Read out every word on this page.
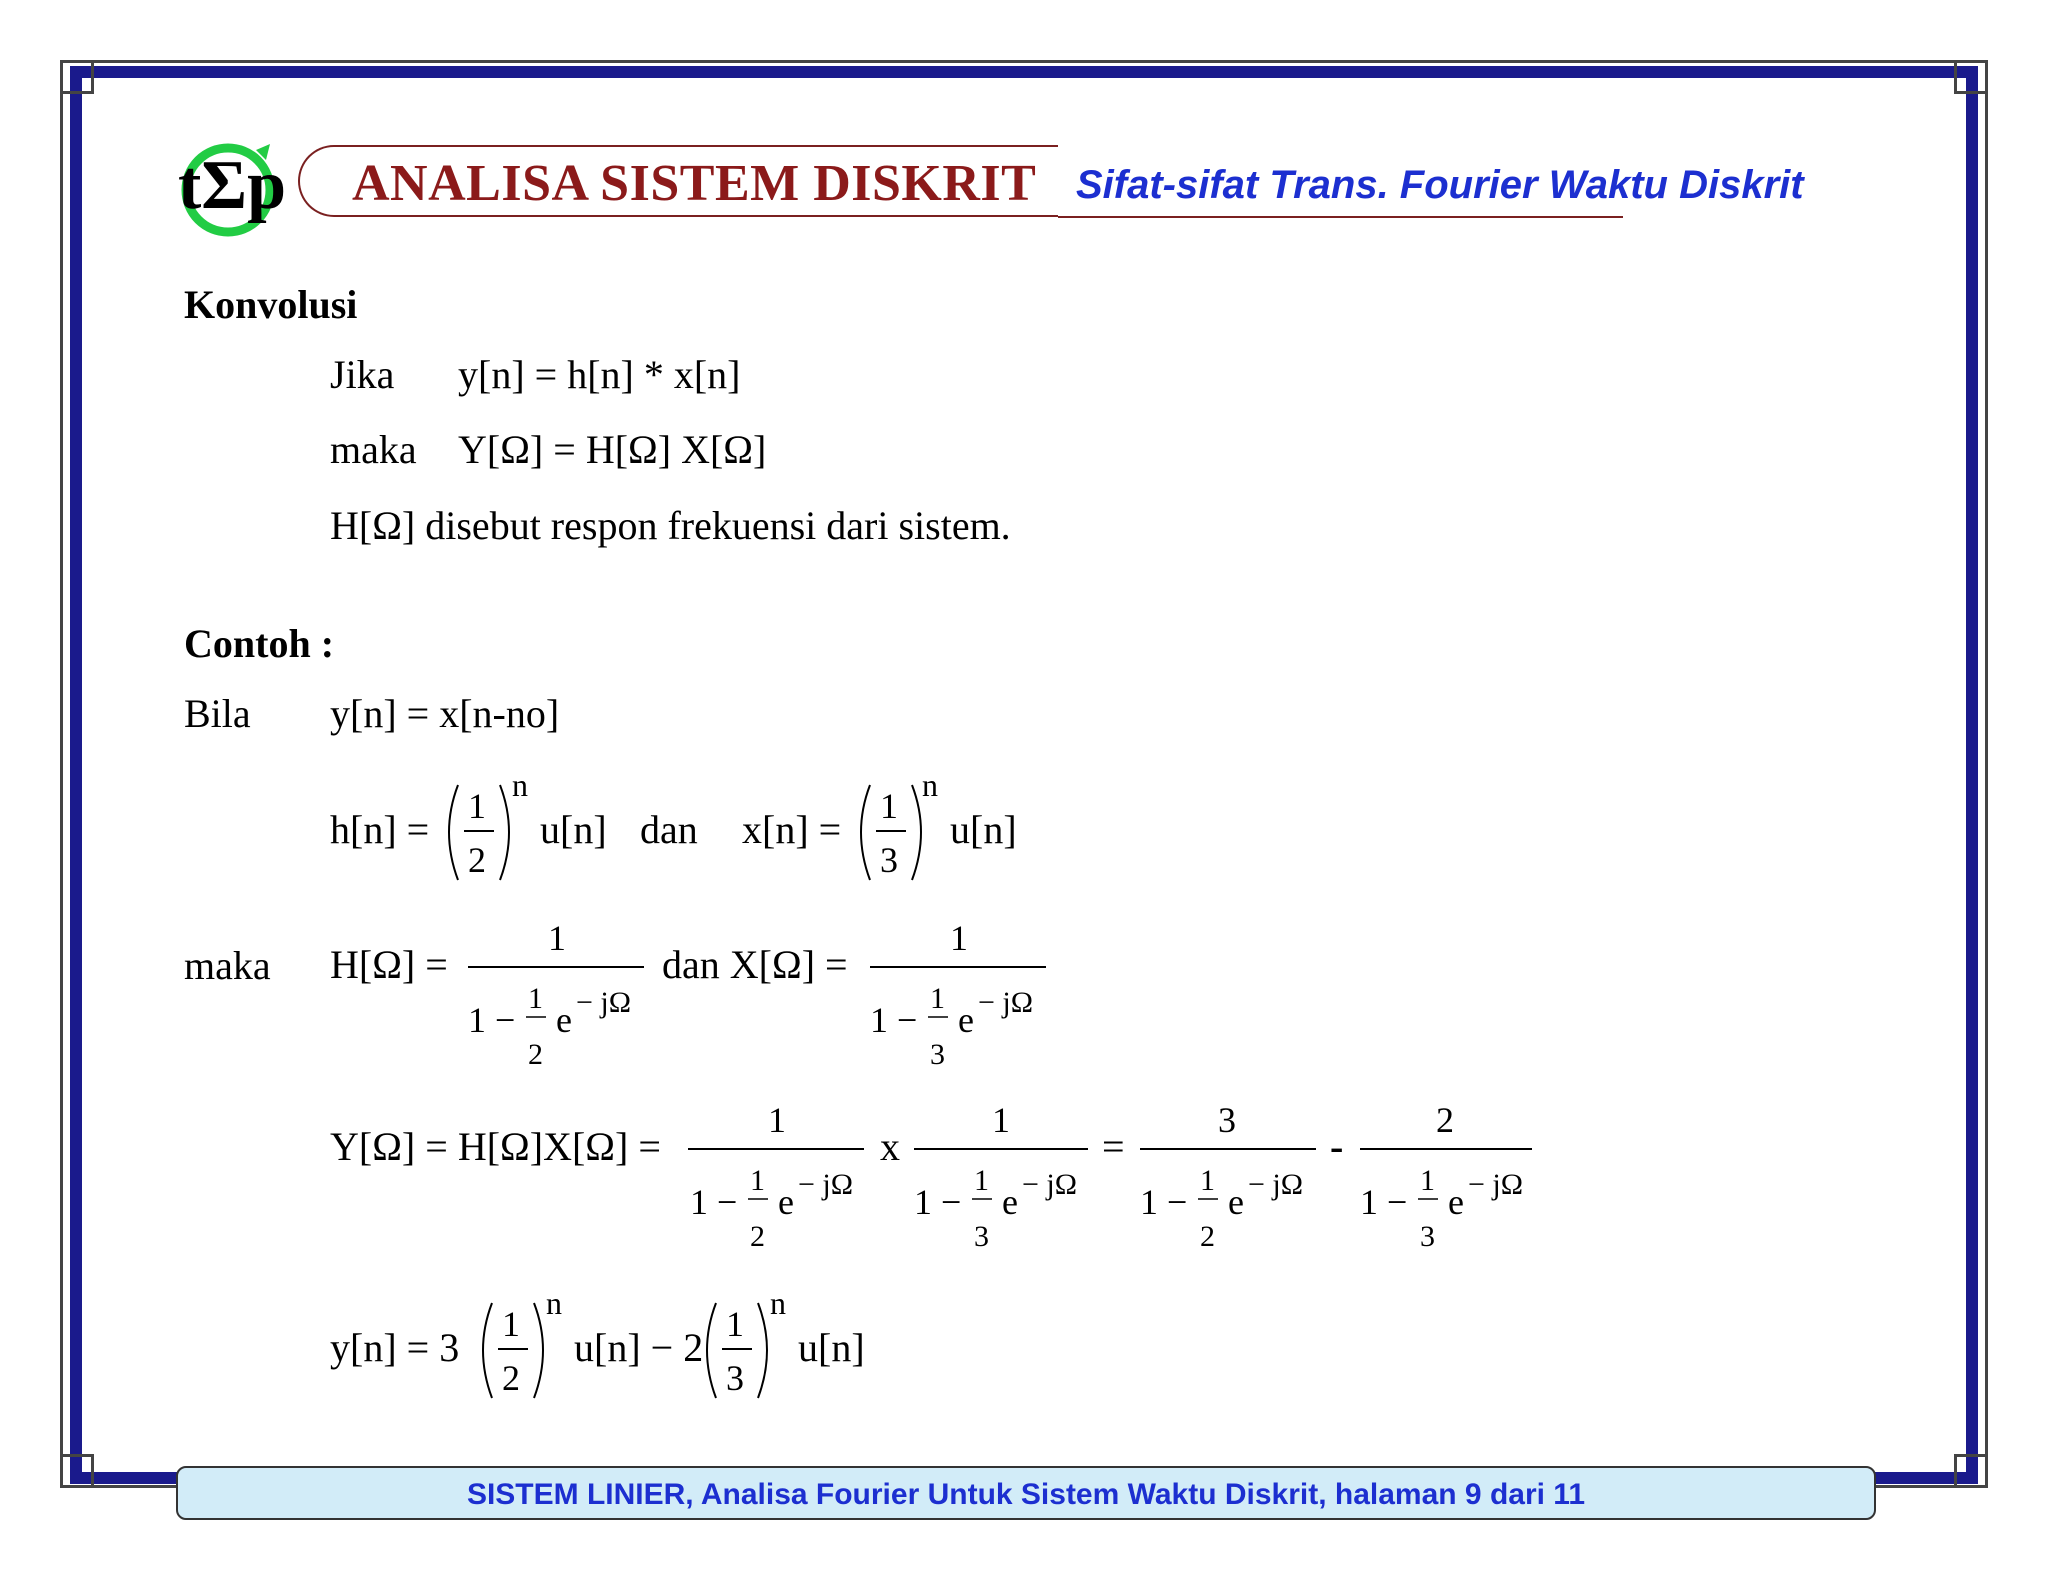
tΣp ANALISA SISTEM DISKRIT Sifat-sifat Trans. Fourier Waktu Diskrit
Konvolusi
Jika y[n] = h[n] * x[n]
maka Y[Ω] = H[Ω] X[Ω]
H[Ω] disebut respon frekuensi dari sistem.
Contoh :
Bila y[n] = x[n-no]
maka
h[n] =
1
2
n
u[n] dan x[n] =
1
3
n
u[n]
H[Ω] =
1
1 −
1
2
e − jΩ
dan X[Ω] =
1
1 −
1
3
e − jΩ
Y[Ω] = H[Ω]X[Ω] =
1
1 −
1
2
e − jΩ
x
1
1 −
1
3
e − jΩ
=
3
1 −
1
2
e − jΩ
-
2
1 −
1
3
e − jΩ
y[n] = 3
1
2
n
u[n] − 2
1
3
n
u[n]
SISTEM LINIER, Analisa Fourier Untuk Sistem Waktu Diskrit, halaman 9 dari 11
